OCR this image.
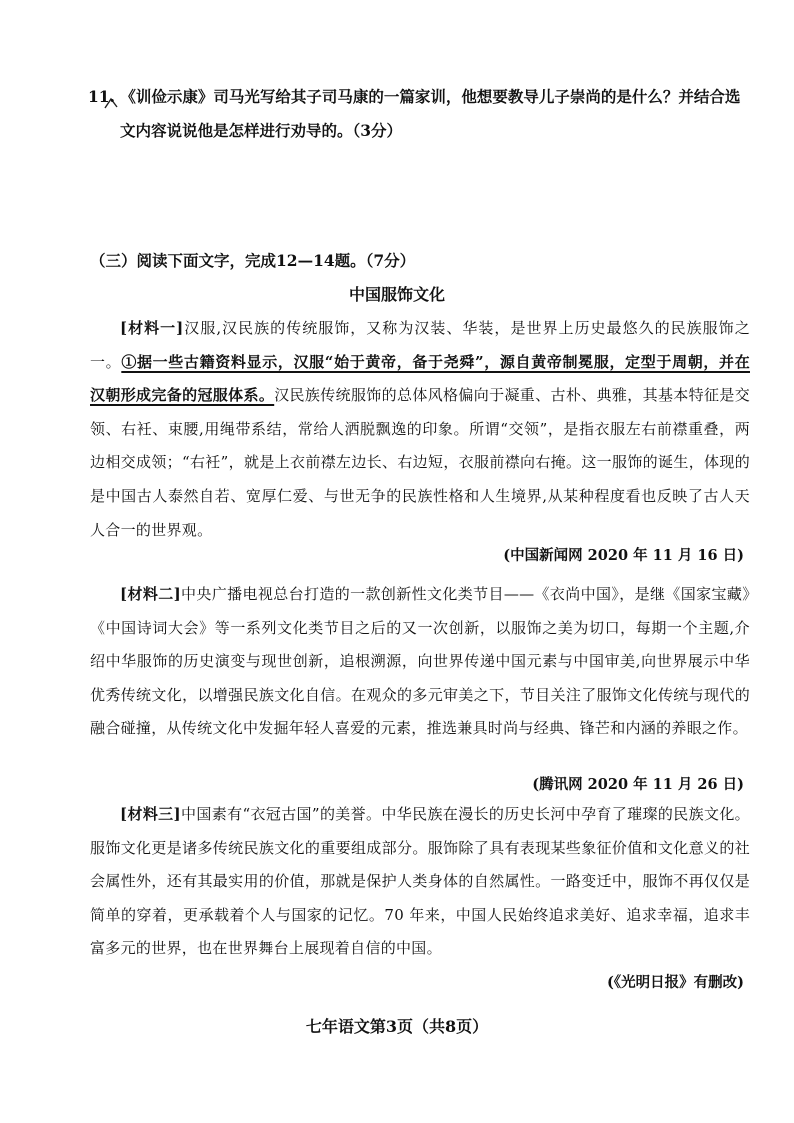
11. 《训俭示康》司马光写给其子司马康的一篇家训，他想要教导儿子崇尚的是什么？并结合选
文内容说说他是怎样进行劝导的。（3分）
（三）阅读下面文字，完成12—14题。（7分）
中国服饰文化
[材料一]汉服,汉民族的传统服饰，又称为汉装、华装，是世界上历史最悠久的民族服饰之一。①据一些古籍资料显示，汉服“始于黄帝，备于尧舜”，源自黄帝制冕服，定型于周朝，并在汉朝形成完备的冠服体系。汉民族传统服饰的总体风格偏向于凝重、古朴、典雅，其基本特征是交领、右衽、束腰,用绳带系结，常给人洒脱飘逸的印象。所谓“交领”，是指衣服左右前襟重叠，两边相交成领；“右衽”，就是上衣前襟左边长、右边短，衣服前襟向右掩。这一服饰的诞生，体现的是中国古人泰然自若、宽厚仁爱、与世无争的民族性格和人生境界,从某种程度看也反映了古人天人合一的世界观。
(中国新闻网 2020 年 11 月 16 日)
[材料二]中央广播电视总台打造的一款创新性文化类节目——《衣尚中国》，是继《国家宝藏》《中国诗词大会》等一系列文化类节目之后的又一次创新，以服饰之美为切口，每期一个主题,介绍中华服饰的历史演变与现世创新，追根溯源，向世界传递中国元素与中国审美,向世界展示中华优秀传统文化，以增强民族文化自信。在观众的多元审美之下，节目关注了服饰文化传统与现代的融合碰撞，从传统文化中发掘年轻人喜爱的元素，推选兼具时尚与经典、锋芒和内涵的养眼之作。
(腾讯网 2020 年 11 月 26 日)
[材料三]中国素有“衣冠古国”的美誉。中华民族在漫长的历史长河中孕育了璀璨的民族文化。服饰文化更是诸多传统民族文化的重要组成部分。服饰除了具有表现某些象征价值和文化意义的社会属性外，还有其最实用的价值，那就是保护人类身体的自然属性。一路变迁中，服饰不再仅仅是简单的穿着，更承载着个人与国家的记忆。70 年来，中国人民始终追求美好、追求幸福，追求丰富多元的世界，也在世界舞台上展现着自信的中国。
(《光明日报》有删改)
七年语文第3页（共8页）
